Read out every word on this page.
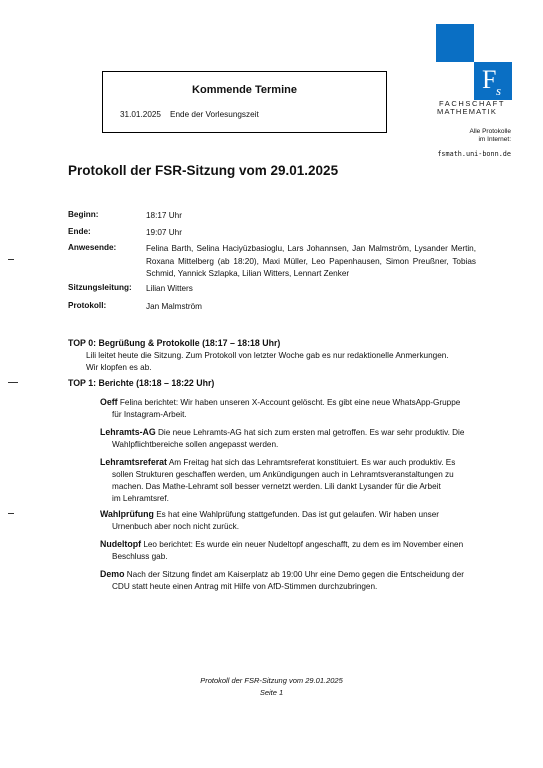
Kommende Termine
31.01.2025 Ende der Vorlesungszeit
F s
FACHSCHAFT
MATHEMATIK
Alle Protokolle
im Internet:
fsmath.uni-bonn.de
Protokoll der FSR-Sitzung vom 29.01.2025
Beginn:	18:17 Uhr
Ende:	19:07 Uhr
Anwesende:	Felina Barth, Selina Haciyüzbasioglu, Lars Johannsen, Jan Malmström, Lysander Mertin, Roxana Mittelberg (ab 18:20), Maxi Müller, Leo Papenhausen, Simon Preußner, Tobias Schmid, Yannick Szlapka, Lilian Witters, Lennart Zenker
Sitzungsleitung: Lilian Witters
Protokoll:	Jan Malmström
TOP 0: Begrüßung & Protokolle (18:17 – 18:18 Uhr)
Lili leitet heute die Sitzung. Zum Protokoll von letzter Woche gab es nur redaktionelle Anmerkungen.
Wir klopfen es ab.
TOP 1: Berichte (18:18 – 18:22 Uhr)
Oeff Felina berichtet: Wir haben unseren X-Account gelöscht. Es gibt eine neue WhatsApp-Gruppe
für Instagram-Arbeit.
Lehramts-AG Die neue Lehramts-AG hat sich zum ersten mal getroffen. Es war sehr produktiv. Die
Wahlpflichtbereiche sollen angepasst werden.
Lehramtsreferat Am Freitag hat sich das Lehramtsreferat konstituiert. Es war auch produktiv. Es
sollen Strukturen geschaffen werden, um Ankündigungen auch in Lehramtsveranstaltungen zu
machen. Das Mathe-Lehramt soll besser vernetzt werden. Lili dankt Lysander für die Arbeit
im Lehramtsref.
Wahlprüfung Es hat eine Wahlprüfung stattgefunden. Das ist gut gelaufen. Wir haben unser
Urnenbuch aber noch nicht zurück.
Nudeltopf Leo berichtet: Es wurde ein neuer Nudeltopf angeschafft, zu dem es im November einen
Beschluss gab.
Demo Nach der Sitzung findet am Kaiserplatz ab 19:00 Uhr eine Demo gegen die Entscheidung der
CDU statt heute einen Antrag mit Hilfe von AfD-Stimmen durchzubringen.
Protokoll der FSR-Sitzung vom 29.01.2025
Seite 1
